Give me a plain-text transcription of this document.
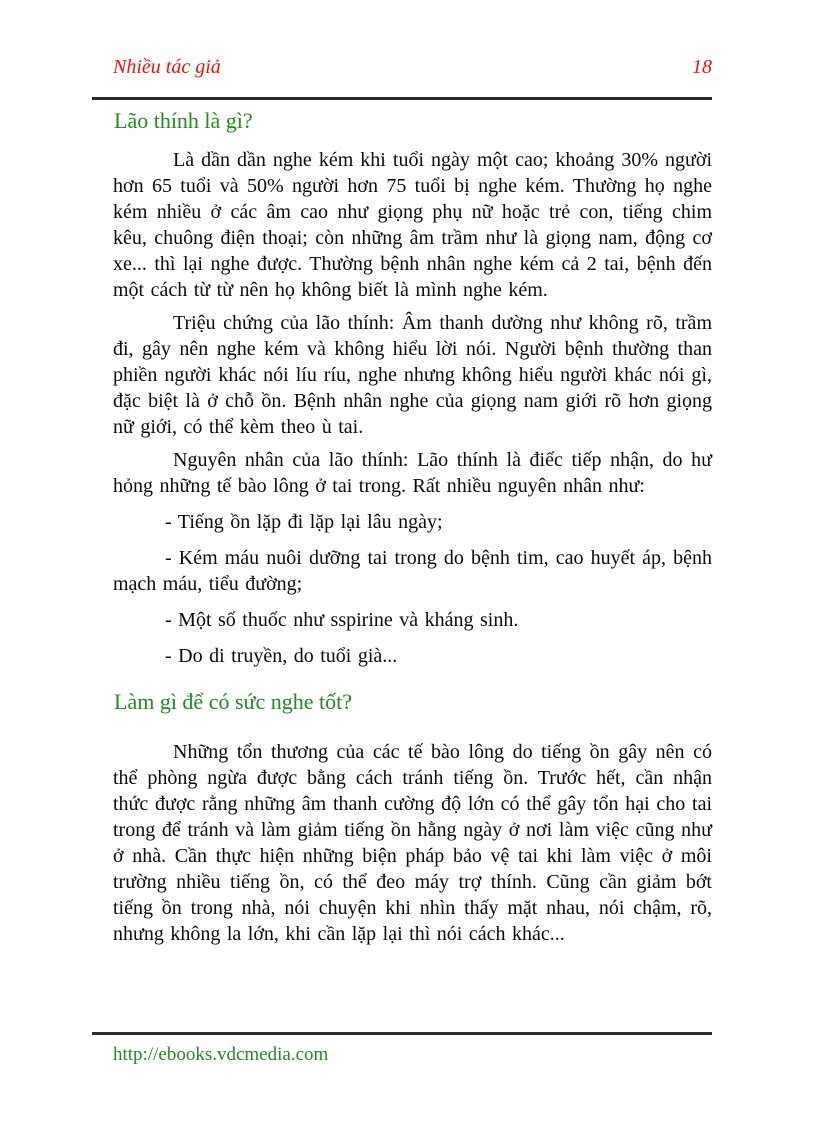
Nhiều tác giả	18
Lão thính là gì?

Là dần dần nghe kém khi tuổi ngày một cao; khoảng 30% người hơn 65 tuổi và 50% người hơn 75 tuổi bị nghe kém. Thường họ nghe kém nhiều ở các âm cao như giọng phụ nữ hoặc trẻ con, tiếng chim kêu, chuông điện thoại; còn những âm trầm như là giọng nam, động cơ xe... thì lại nghe được. Thường bệnh nhân nghe kém cả 2 tai, bệnh đến một cách từ từ nên họ không biết là mình nghe kém.

Triệu chứng của lão thính: Âm thanh dường như không rõ, trầm đi, gây nên nghe kém và không hiểu lời nói. Người bệnh thường than phiền người khác nói líu ríu, nghe nhưng không hiểu người khác nói gì, đặc biệt là ở chỗ ồn. Bệnh nhân nghe của giọng nam giới rõ hơn giọng nữ giới, có thể kèm theo ù tai.

Nguyên nhân của lão thính: Lão thính là điếc tiếp nhận, do hư hỏng những tế bào lông ở tai trong. Rất nhiều nguyên nhân như:

- Tiếng ồn lặp đi lặp lại lâu ngày;

- Kém máu nuôi dưỡng tai trong do bệnh tim, cao huyết áp, bệnh mạch máu, tiểu đường;

- Một số thuốc như sspirine và kháng sinh.

- Do di truyền, do tuổi già...

Làm gì để có sức nghe tốt?

Những tổn thương của các tế bào lông do tiếng ồn gây nên có thể phòng ngừa được bằng cách tránh tiếng ồn. Trước hết, cần nhận thức được rằng những âm thanh cường độ lớn có thể gây tổn hại cho tai trong để tránh và làm giảm tiếng ồn hằng ngày ở nơi làm việc cũng như ở nhà. Cần thực hiện những biện pháp bảo vệ tai khi làm việc ở môi trường nhiều tiếng ồn, có thể đeo máy trợ thính. Cũng cần giảm bớt tiếng ồn trong nhà, nói chuyện khi nhìn thấy mặt nhau, nói chậm, rõ, nhưng không la lớn, khi cần lặp lại thì nói cách khác...

http://ebooks.vdcmedia.com
